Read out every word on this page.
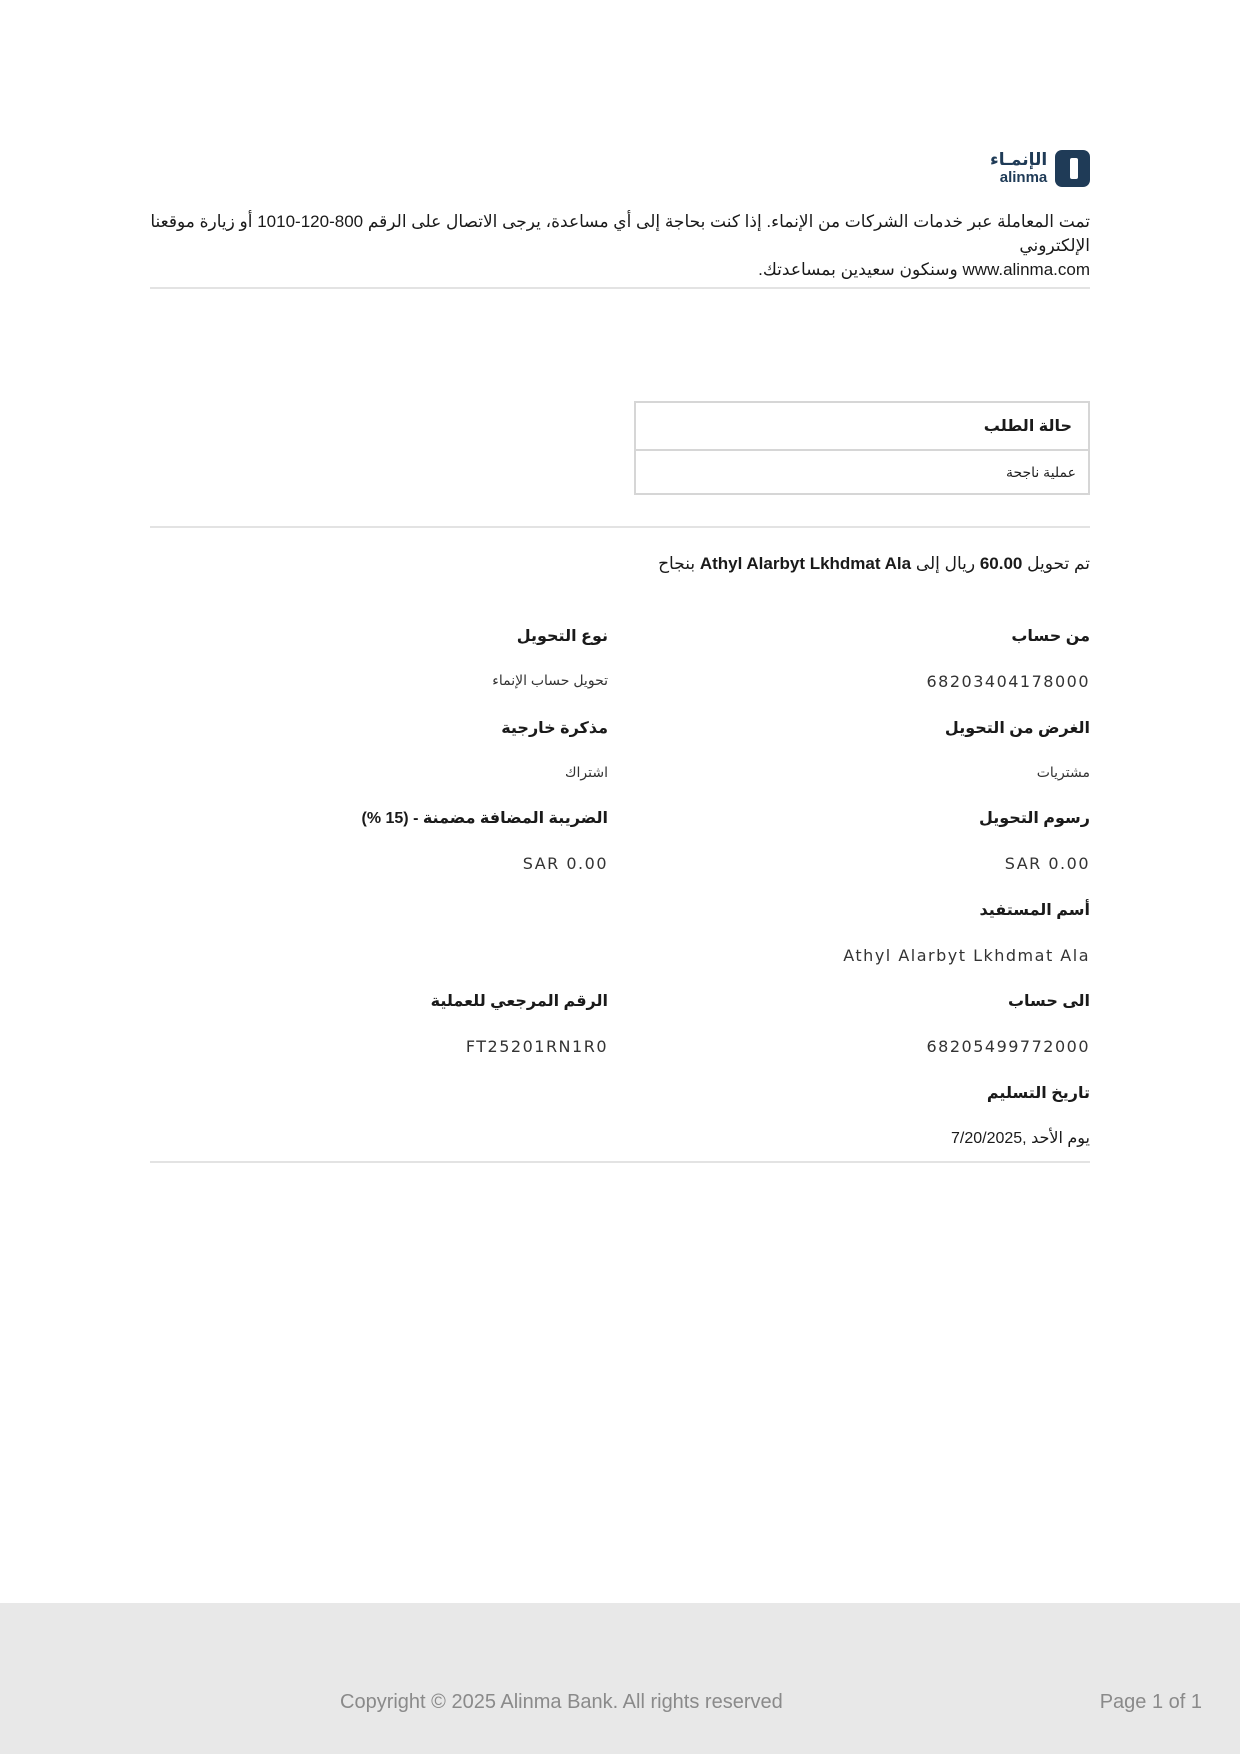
الإنمـاء
alinma
تمت المعاملة عبر خدمات الشركات من الإنماء. إذا كنت بحاجة إلى أي مساعدة، يرجى الاتصال على الرقم 800-120-1010 أو زيارة موقعنا الإلكتروني
www.alinma.com وسنكون سعيدين بمساعدتك.
حالة الطلب
عملية ناجحة
تم تحويل 60.00 ريال إلى Athyl Alarbyt Lkhdmat Ala بنجاح
من حساب
نوع التحويل
68203404178000
تحويل حساب الإنماء
الغرض من التحويل
مذكرة خارجية
مشتريات
اشتراك
رسوم التحويل
الضريبة المضافة مضمنة - (15 %)
SAR 0.00
SAR 0.00
أسم المستفيد
Athyl Alarbyt Lkhdmat Ala
الى حساب
الرقم المرجعي للعملية
68205499772000
FT25201RN1R0
تاريخ التسليم
يوم الأحد ,7/20/2025
Copyright © 2025 Alinma Bank. All rights reserved	Page 1 of 1
